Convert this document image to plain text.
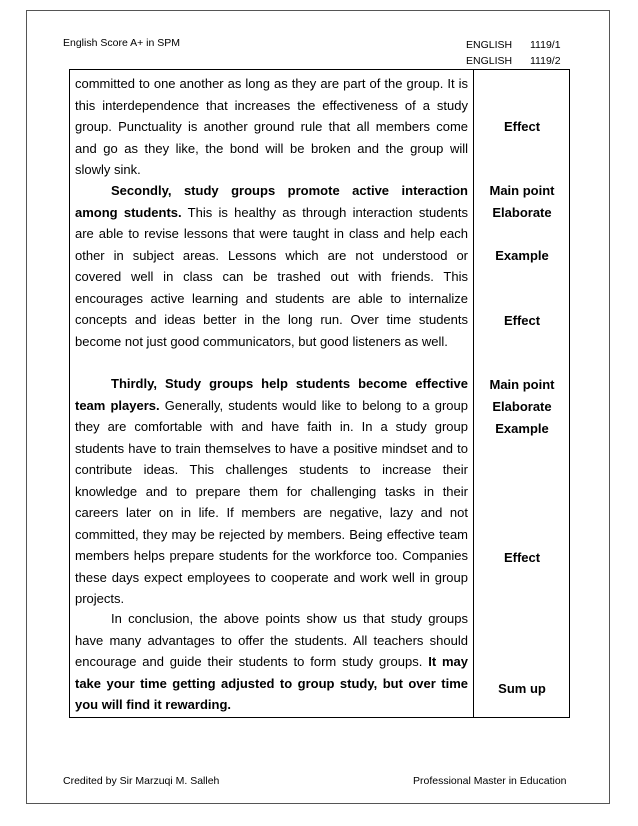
English Score A+ in SPM	ENGLISH 1119/1
ENGLISH 1119/2
committed to one another as long as they are part of the group. It is this interdependence that increases the effectiveness of a study group. Punctuality is another ground rule that all members come and go as they like, the bond will be broken and the group will slowly sink.
Secondly, study groups promote active interaction among students. This is healthy as through interaction students are able to revise lessons that were taught in class and help each other in subject areas. Lessons which are not understood or covered well in class can be trashed out with friends. This encourages active learning and students are able to internalize concepts and ideas better in the long run. Over time students become not just good communicators, but good listeners as well.
Thirdly, Study groups help students become effective team players. Generally, students would like to belong to a group they are comfortable with and have faith in. In a study group students have to train themselves to have a positive mindset and to contribute ideas. This challenges students to increase their knowledge and to prepare them for challenging tasks in their careers later on in life. If members are negative, lazy and not committed, they may be rejected by members. Being effective team members helps prepare students for the workforce too. Companies these days expect employees to cooperate and work well in group projects.
In conclusion, the above points show us that study groups have many advantages to offer the students. All teachers should encourage and guide their students to form study groups. It may take your time getting adjusted to group study, but over time you will find it rewarding.
Effect
Main point
Elaborate
Example
Effect
Main point
Elaborate
Example
Effect
Sum up
Credited by Sir Marzuqi M. Salleh	Professional Master in Education
